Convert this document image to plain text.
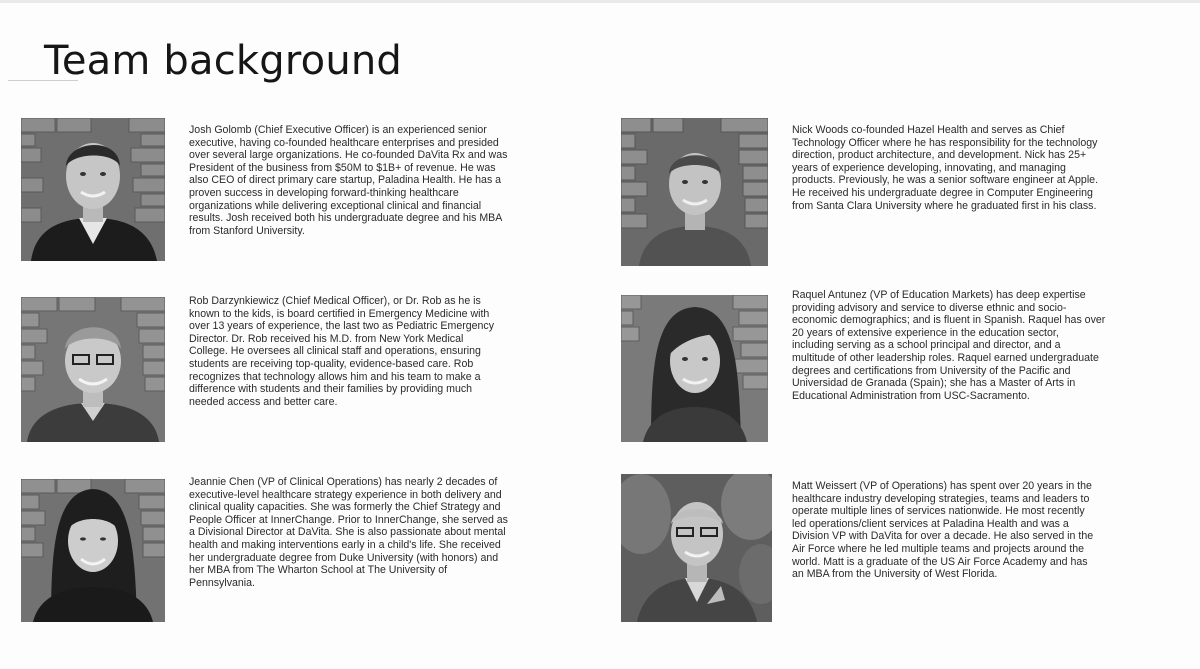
Team background
Josh Golomb (Chief Executive Officer) is an experienced senior
executive, having co-founded healthcare enterprises and presided
over several large organizations. He co-founded DaVita Rx and was
President of the business from $50M to $1B+ of revenue. He was
also CEO of direct primary care startup, Paladina Health. He has a
proven success in developing forward-thinking healthcare
organizations while delivering exceptional clinical and financial
results. Josh received both his undergraduate degree and his MBA
from Stanford University.
Nick Woods co-founded Hazel Health and serves as Chief
Technology Officer where he has responsibility for the technology
direction, product architecture, and development. Nick has 25+
years of experience developing, innovating, and managing
products. Previously, he was a senior software engineer at Apple.
He received his undergraduate degree in Computer Engineering
from Santa Clara University where he graduated first in his class.
Rob Darzynkiewicz (Chief Medical Officer), or Dr. Rob as he is
known to the kids, is board certified in Emergency Medicine with
over 13 years of experience, the last two as Pediatric Emergency
Director. Dr. Rob received his M.D. from New York Medical
College. He oversees all clinical staff and operations, ensuring
students are receiving top-quality, evidence-based care. Rob
recognizes that technology allows him and his team to make a
difference with students and their families by providing much
needed access and better care.
Raquel Antunez (VP of Education Markets) has deep expertise
providing advisory and service to diverse ethnic and socio-
economic demographics; and is fluent in Spanish. Raquel has over
20 years of extensive experience in the education sector,
including serving as a school principal and director, and a
multitude of other leadership roles. Raquel earned undergraduate
degrees and certifications from University of the Pacific and
Universidad de Granada (Spain); she has a Master of Arts in
Educational Administration from USC-Sacramento.
Jeannie Chen (VP of Clinical Operations) has nearly 2 decades of
executive-level healthcare strategy experience in both delivery and
clinical quality capacities. She was formerly the Chief Strategy and
People Officer at InnerChange. Prior to InnerChange, she served as
a Divisional Director at DaVita. She is also passionate about mental
health and making interventions early in a child's life. She received
her undergraduate degree from Duke University (with honors) and
her MBA from The Wharton School at The University of
Pennsylvania.
Matt Weissert (VP of Operations) has spent over 20 years in the
healthcare industry developing strategies, teams and leaders to
operate multiple lines of services nationwide. He most recently
led operations/client services at Paladina Health and was a
Division VP with DaVita for over a decade. He also served in the
Air Force where he led multiple teams and projects around the
world. Matt is a graduate of the US Air Force Academy and has
an MBA from the University of West Florida.
